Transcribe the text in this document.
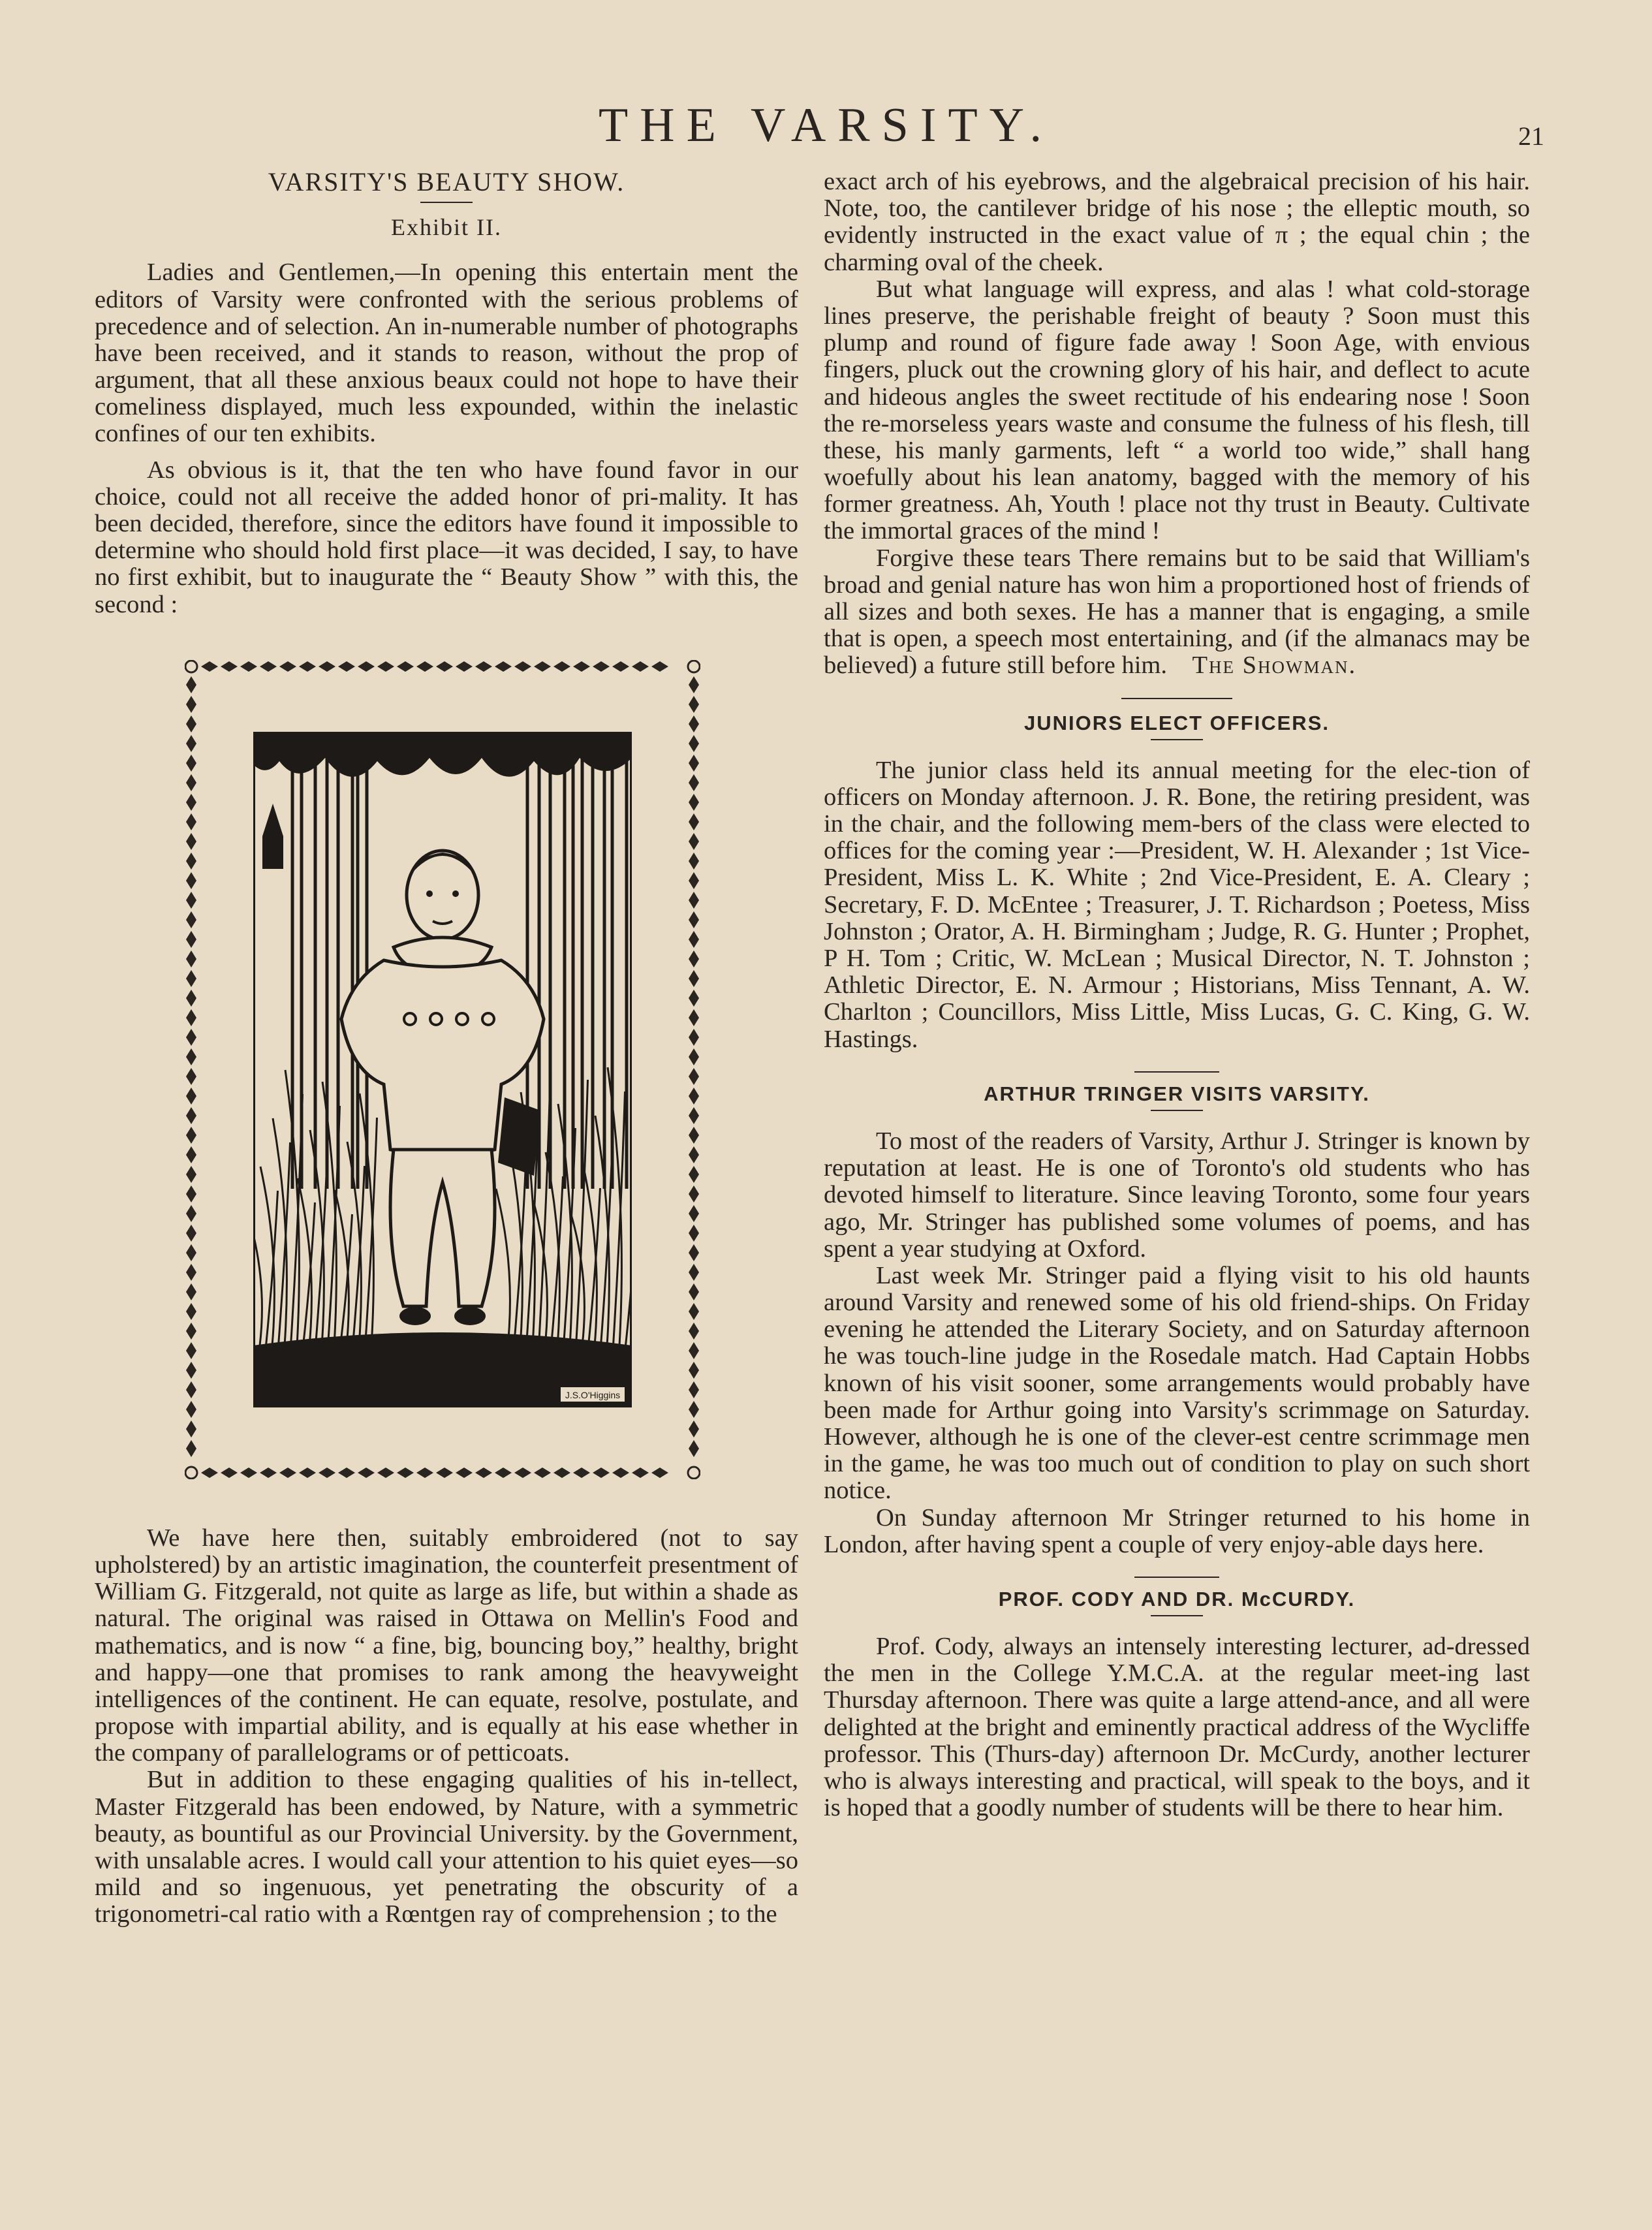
THE VARSITY.	21
VARSITY'S BEAUTY SHOW.
Exhibit II.

Ladies and Gentlemen,—In opening this entertain ment the editors of Varsity were confronted with the serious problems of precedence and of selection. An in-numerable number of photographs have been received, and it stands to reason, without the prop of argument, that all these anxious beaux could not hope to have their comeliness displayed, much less expounded, within the inelastic confines of our ten exhibits.

As obvious is it, that the ten who have found favor in our choice, could not all receive the added honor of pri-mality. It has been decided, therefore, since the editors have found it impossible to determine who should hold first place—it was decided, I say, to have no first exhibit, but to inaugurate the “ Beauty Show ” with this, the second :

J.S.O'Higgins

We have here then, suitably embroidered (not to say upholstered) by an artistic imagination, the counterfeit presentment of William G. Fitzgerald, not quite as large as life, but within a shade as natural. The original was raised in Ottawa on Mellin's Food and mathematics, and is now “ a fine, big, bouncing boy,” healthy, bright and happy—one that promises to rank among the heavyweight intelligences of the continent. He can equate, resolve, postulate, and propose with impartial ability, and is equally at his ease whether in the company of parallelograms or of petticoats.

But in addition to these engaging qualities of his in-tellect, Master Fitzgerald has been endowed, by Nature, with a symmetric beauty, as bountiful as our Provincial University. by the Government, with unsalable acres. I would call your attention to his quiet eyes—so mild and so ingenuous, yet penetrating the obscurity of a trigonometri-cal ratio with a Rœntgen ray of comprehension ; to the

exact arch of his eyebrows, and the algebraical precision of his hair. Note, too, the cantilever bridge of his nose ; the elleptic mouth, so evidently instructed in the exact value of π ; the equal chin ; the charming oval of the cheek.

But what language will express, and alas ! what cold-storage lines preserve, the perishable freight of beauty ? Soon must this plump and round of figure fade away ! Soon Age, with envious fingers, pluck out the crowning glory of his hair, and deflect to acute and hideous angles the sweet rectitude of his endearing nose ! Soon the re-morseless years waste and consume the fulness of his flesh, till these, his manly garments, left “ a world too wide,” shall hang woefully about his lean anatomy, bagged with the memory of his former greatness. Ah, Youth ! place not thy trust in Beauty. Cultivate the immortal graces of the mind !

Forgive these tears There remains but to be said that William's broad and genial nature has won him a proportioned host of friends of all sizes and both sexes. He has a manner that is engaging, a smile that is open, a speech most entertaining, and (if the almanacs may be believed) a future still before him. The Showman.

JUNIORS ELECT OFFICERS.

The junior class held its annual meeting for the elec-tion of officers on Monday afternoon. J. R. Bone, the retiring president, was in the chair, and the following mem-bers of the class were elected to offices for the coming year :—President, W. H. Alexander ; 1st Vice-President, Miss L. K. White ; 2nd Vice-President, E. A. Cleary ; Secretary, F. D. McEntee ; Treasurer, J. T. Richardson ; Poetess, Miss Johnston ; Orator, A. H. Birmingham ; Judge, R. G. Hunter ; Prophet, P H. Tom ; Critic, W. McLean ; Musical Director, N. T. Johnston ; Athletic Director, E. N. Armour ; Historians, Miss Tennant, A. W. Charlton ; Councillors, Miss Little, Miss Lucas, G. C. King, G. W. Hastings.

ARTHUR TRINGER VISITS VARSITY.

To most of the readers of Varsity, Arthur J. Stringer is known by reputation at least. He is one of Toronto's old students who has devoted himself to literature. Since leaving Toronto, some four years ago, Mr. Stringer has published some volumes of poems, and has spent a year studying at Oxford.

Last week Mr. Stringer paid a flying visit to his old haunts around Varsity and renewed some of his old friend-ships. On Friday evening he attended the Literary Society, and on Saturday afternoon he was touch-line judge in the Rosedale match. Had Captain Hobbs known of his visit sooner, some arrangements would probably have been made for Arthur going into Varsity's scrimmage on Saturday. However, although he is one of the clever-est centre scrimmage men in the game, he was too much out of condition to play on such short notice.

On Sunday afternoon Mr Stringer returned to his home in London, after having spent a couple of very enjoy-able days here.

PROF. CODY AND DR. McCURDY.

Prof. Cody, always an intensely interesting lecturer, ad-dressed the men in the College Y.M.C.A. at the regular meet-ing last Thursday afternoon. There was quite a large attend-ance, and all were delighted at the bright and eminently practical address of the Wycliffe professor. This (Thurs-day) afternoon Dr. McCurdy, another lecturer who is always interesting and practical, will speak to the boys, and it is hoped that a goodly number of students will be there to hear him.
